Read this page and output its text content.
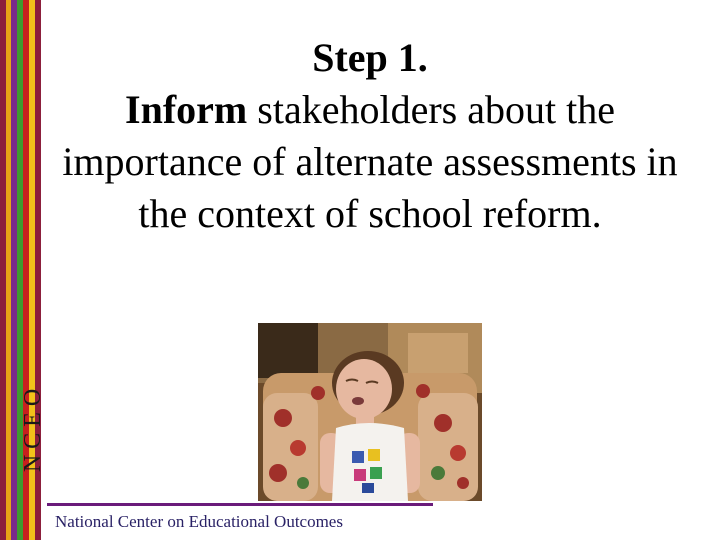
NCEO
Step 1.
Inform stakeholders about the importance of alternate assessments in the context of school reform.
National Center on Educational Outcomes
